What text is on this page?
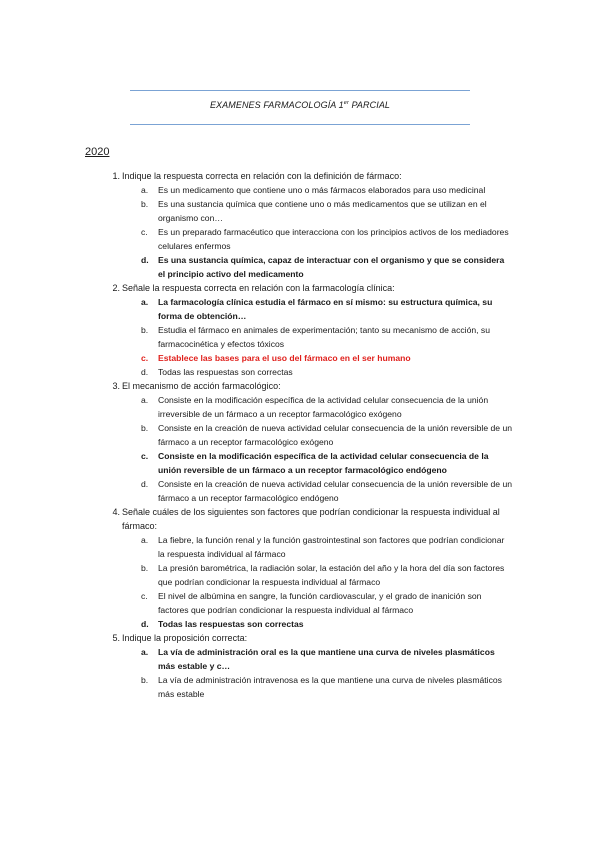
EXAMENES FARMACOLOGÍA 1er PARCIAL
2020
1. Indique la respuesta correcta en relación con la definición de fármaco:
a.	Es un medicamento que contiene uno o más fármacos elaborados para uso medicinal
b.	Es una sustancia química que contiene uno o más medicamentos que se utilizan en el organismo con…
c.	Es un preparado farmacéutico que interacciona con los principios activos de los mediadores celulares enfermos
d.	Es una sustancia química, capaz de interactuar con el organismo y que se considera el principio activo del medicamento
2. Señale la respuesta correcta en relación con la farmacología clínica:
a.	La farmacología clínica estudia el fármaco en sí mismo: su estructura química, su forma de obtención…
b.	Estudia el fármaco en animales de experimentación; tanto su mecanismo de acción, su farmacocinética y efectos tóxicos
c.	Establece las bases para el uso del fármaco en el ser humano
d.	Todas las respuestas son correctas
3. El mecanismo de acción farmacológico:
a.	Consiste en la modificación específica de la actividad celular consecuencia de la unión irreversible de un fármaco a un receptor farmacológico exógeno
b.	Consiste en la creación de nueva actividad celular consecuencia de la unión reversible de un fármaco a un receptor farmacológico exógeno
c.	Consiste en la modificación específica de la actividad celular consecuencia de la unión reversible de un fármaco a un receptor farmacológico endógeno
d.	Consiste en la creación de nueva actividad celular consecuencia de la unión reversible de un fármaco a un receptor farmacológico endógeno
4. Señale cuáles de los siguientes son factores que podrían condicionar la respuesta individual al fármaco:
a.	La fiebre, la función renal y la función gastrointestinal son factores que podrían condicionar la respuesta individual al fármaco
b.	La presión barométrica, la radiación solar, la estación del año y la hora del día son factores que podrían condicionar la respuesta individual al fármaco
c.	El nivel de albúmina en sangre, la función cardiovascular, y el grado de inanición son factores que podrían condicionar la respuesta individual al fármaco
d.	Todas las respuestas son correctas
5. Indique la proposición correcta:
a.	La vía de administración oral es la que mantiene una curva de niveles plasmáticos más estable y c…
b.	La vía de administración intravenosa es la que mantiene una curva de niveles plasmáticos más estable
